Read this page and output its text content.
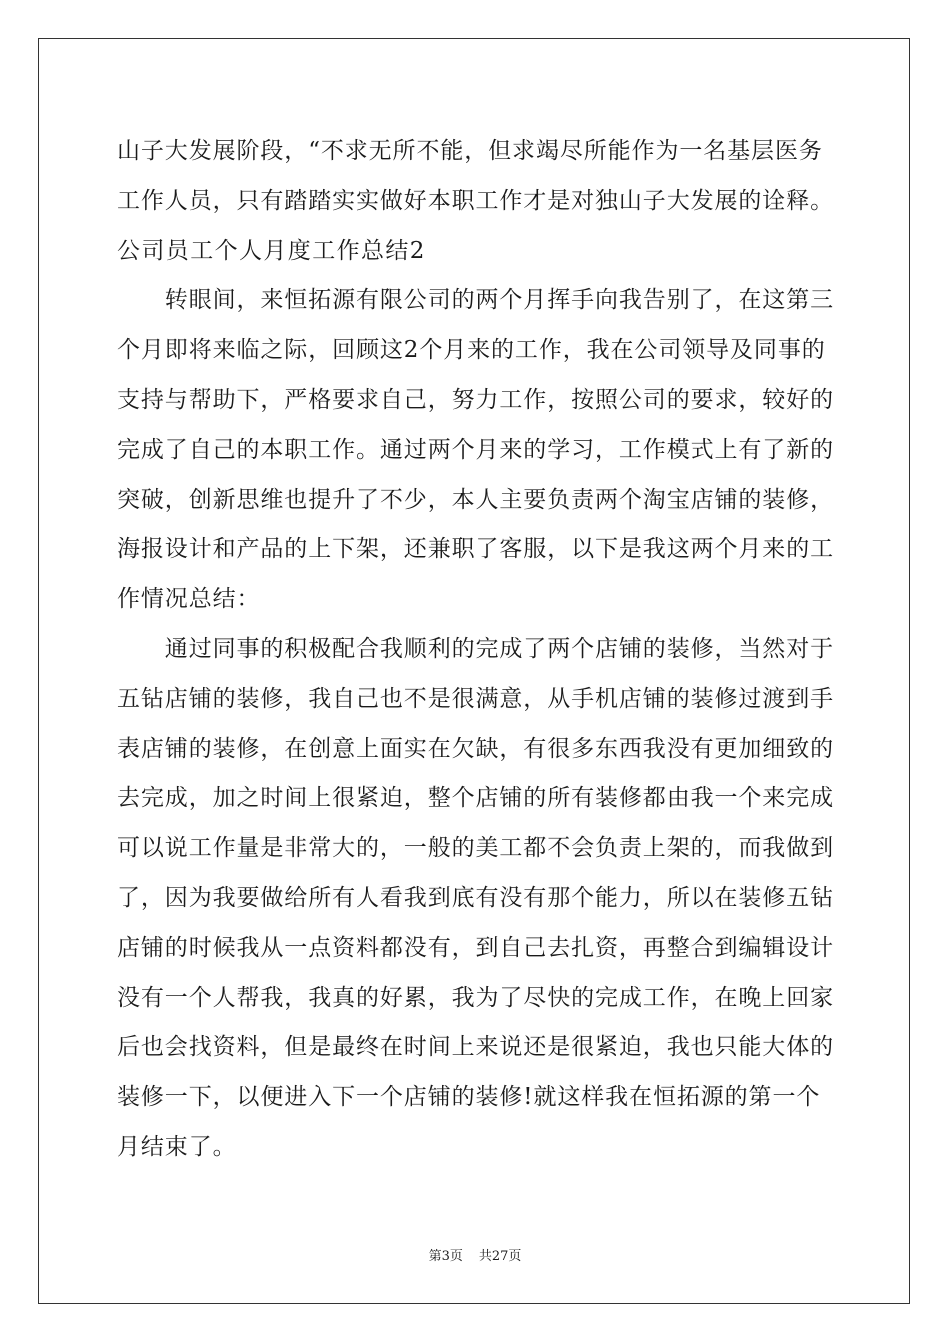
山子大发展阶段，“不求无所不能，但求竭尽所能作为一名基层医务
工作人员，只有踏踏实实做好本职工作才是对独山子大发展的诠释。
公司员工个人月度工作总结2
　　转眼间，来恒拓源有限公司的两个月挥手向我告别了，在这第三
个月即将来临之际，回顾这2个月来的工作，我在公司领导及同事的
支持与帮助下，严格要求自己，努力工作，按照公司的要求，较好的
完成了自己的本职工作。通过两个月来的学习，工作模式上有了新的
突破，创新思维也提升了不少，本人主要负责两个淘宝店铺的装修，
海报设计和产品的上下架，还兼职了客服，以下是我这两个月来的工
作情况总结：
　　通过同事的积极配合我顺利的完成了两个店铺的装修，当然对于
五钻店铺的装修，我自己也不是很满意，从手机店铺的装修过渡到手
表店铺的装修，在创意上面实在欠缺，有很多东西我没有更加细致的
去完成，加之时间上很紧迫，整个店铺的所有装修都由我一个来完成
可以说工作量是非常大的，一般的美工都不会负责上架的，而我做到
了，因为我要做给所有人看我到底有没有那个能力，所以在装修五钻
店铺的时候我从一点资料都没有，到自己去扎资，再整合到编辑设计
没有一个人帮我，我真的好累，我为了尽快的完成工作，在晚上回家
后也会找资料，但是最终在时间上来说还是很紧迫，我也只能大体的
装修一下，以便进入下一个店铺的装修!就这样我在恒拓源的第一个
月结束了。
第3页 共27页
